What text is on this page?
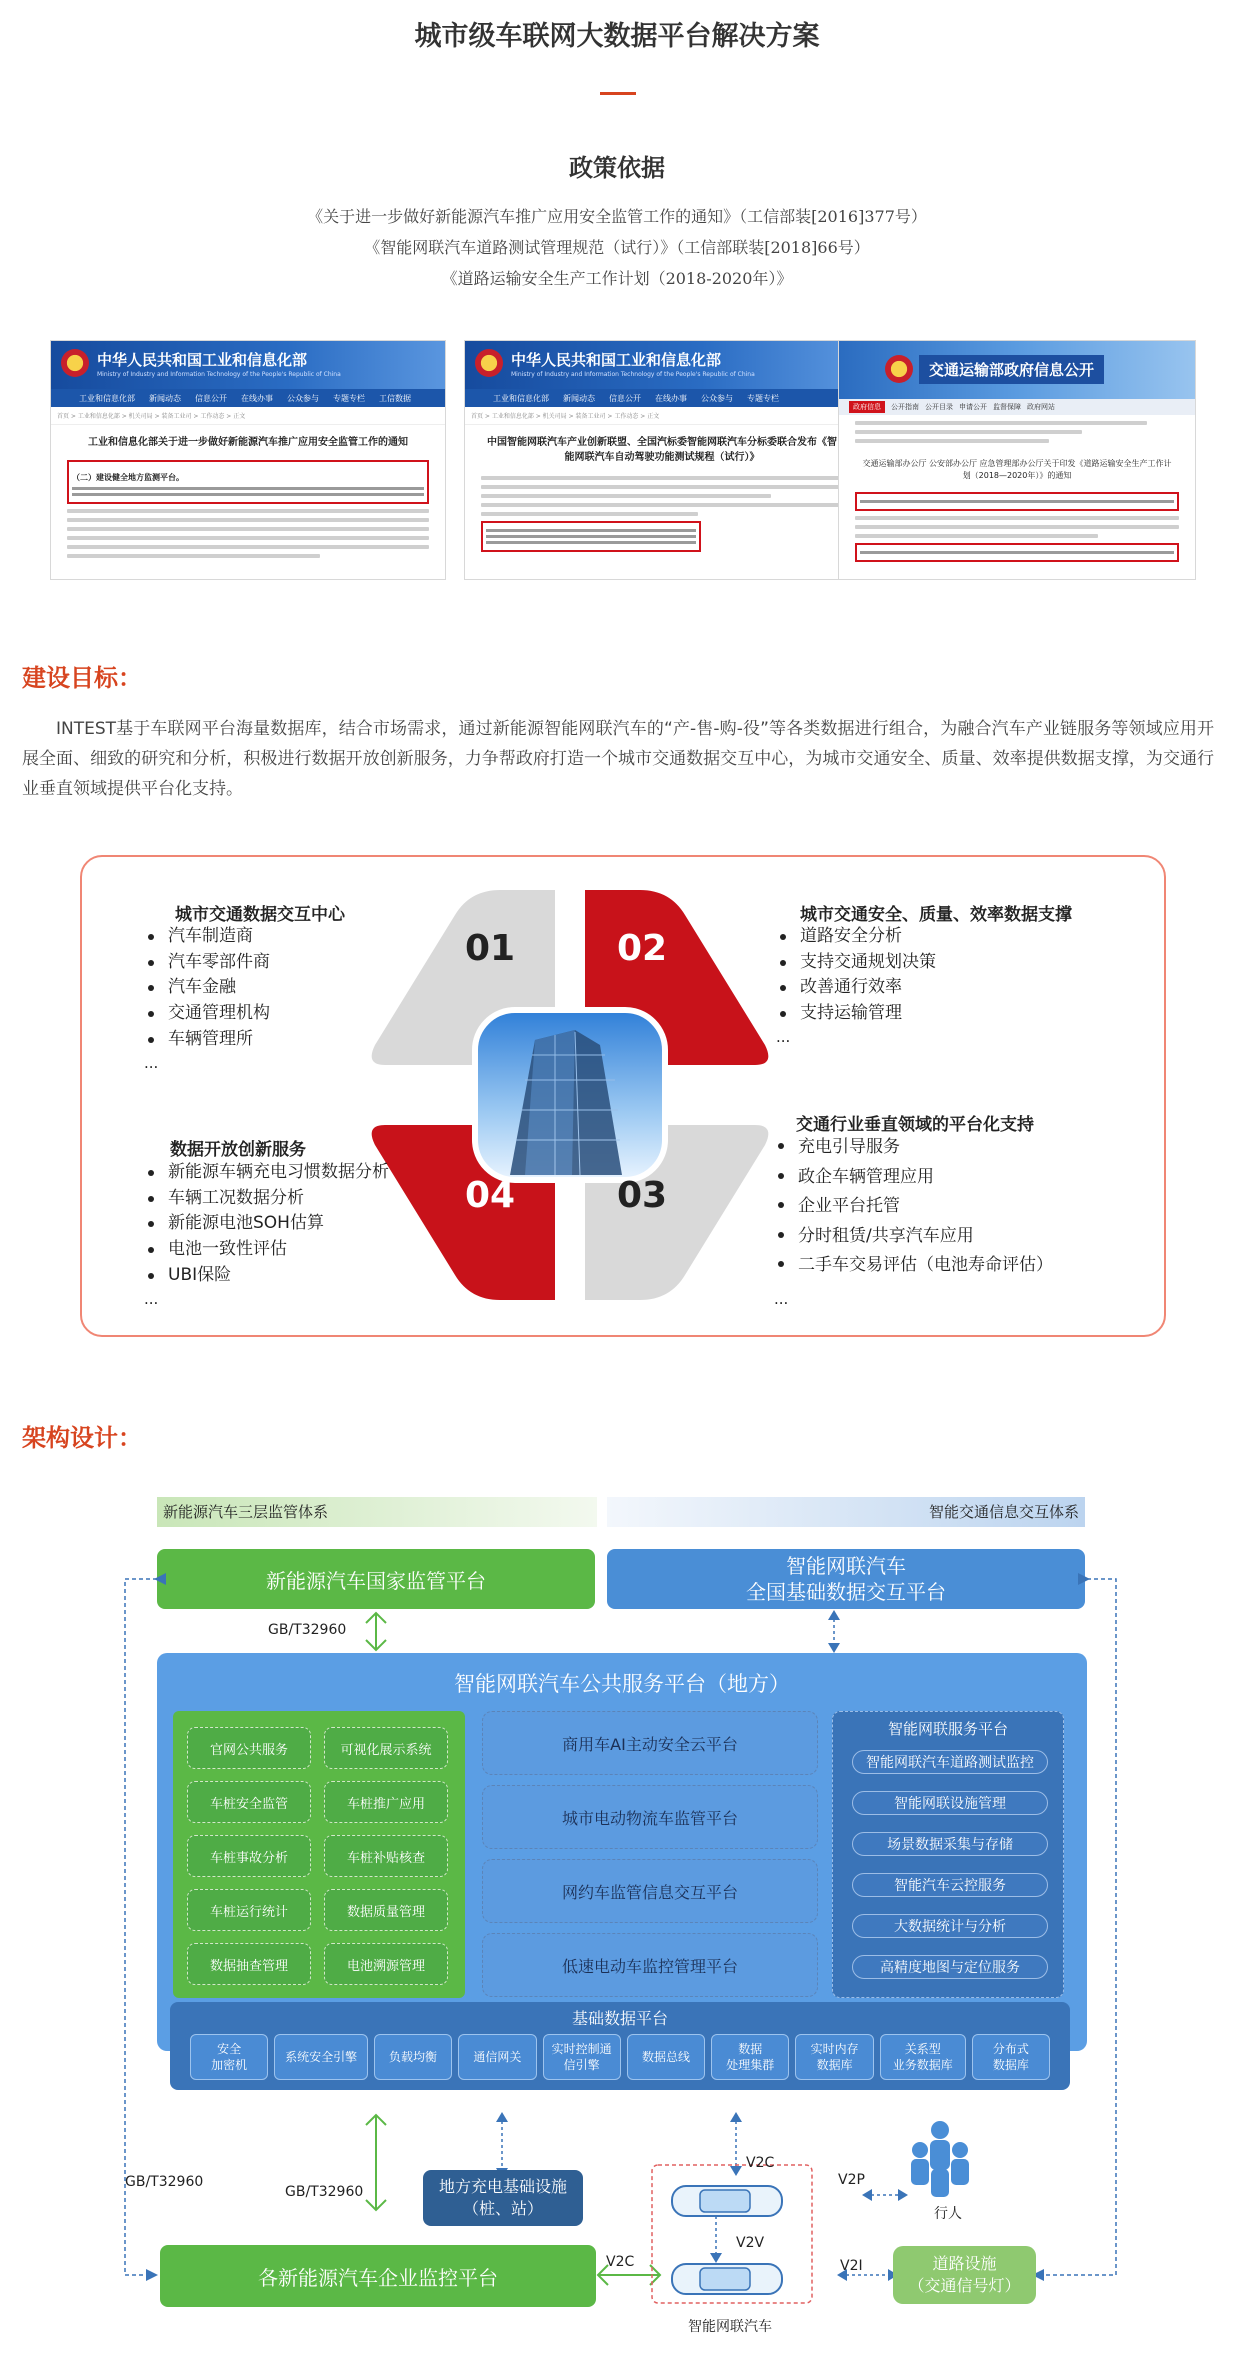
城市级车联网大数据平台解决方案
政策依据
《关于进一步做好新能源汽车推广应用安全监管工作的通知》（工信部装[2016]377号）
《智能网联汽车道路测试管理规范（试行）》（工信部联装[2018]66号）
《道路运输安全生产工作计划（2018-2020年）》
中华人民共和国工业和信息化部
Ministry of Industry and Information Technology of the People's Republic of China
工业和信息化部 新闻动态 信息公开 在线办事 公众参与 专题专栏 工信数据
首页 > 工业和信息化部 > 机关司局 > 装备工业司 > 工作动态 > 正文
工业和信息化部关于进一步做好新能源汽车推广应用安全监管工作的通知
（二）建设健全地方监测平台。
中华人民共和国工业和信息化部
Ministry of Industry and Information Technology of the People's Republic of China
工业和信息化部 新闻动态 信息公开 在线办事 公众参与 专题专栏
首页 > 工业和信息化部 > 机关司局 > 装备工业司 > 工作动态 > 正文
中国智能网联汽车产业创新联盟、全国汽标委智能网联汽车分标委联合发布《智能网联汽车自动驾驶功能测试规程（试行）》
交通运输部政府信息公开
政府信息	公开指南 公开目录 申请公开 监督保障 政府网站
交通运输部办公厅 公安部办公厅 应急管理部办公厅关于印发《道路运输安全生产工作计划（2018—2020年）》的通知
建设目标：
INTEST基于车联网平台海量数据库，结合市场需求，通过新能源智能网联汽车的“产-售-购-役”等各类数据进行组合，为融合汽车产业链服务等领域应用开展全面、细致的研究和分析，积极进行数据开放创新服务，力争帮政府打造一个城市交通数据交互中心，为城市交通安全、质量、效率提供数据支撑，为交通行业垂直领域提供平台化支持。
01	02
03
04
城市交通数据交互中心
汽车制造商
汽车零部件商
汽车金融
交通管理机构
车辆管理所
...
城市交通安全、质量、效率数据支撑
道路安全分析
支持交通规划决策
改善通行效率
支持运输管理
...
交通行业垂直领域的平台化支持
充电引导服务
政企车辆管理应用
企业平台托管
分时租赁/共享汽车应用
二手车交易评估（电池寿命评估）
...
数据开放创新服务
新能源车辆充电习惯数据分析
车辆工况数据分析
新能源电池SOH估算
电池一致性评估
UBI保险
...
架构设计：
新能源汽车三层监管体系	智能交通信息交互体系
新能源汽车国家监管平台
智能网联汽车
全国基础数据交互平台
GB/T32960
智能网联汽车公共服务平台（地方）
官网公共服务	可视化展示系统
车桩安全监管	车桩推广应用
车桩事故分析	车桩补贴核查
车桩运行统计	数据质量管理
数据抽查管理	电池溯源管理
商用车AI主动安全云平台
城市电动物流车监管平台
网约车监管信息交互平台
低速电动车监控管理平台
智能网联服务平台
智能网联汽车道路测试监控
智能网联设施管理
场景数据采集与存储
智能汽车云控服务
大数据统计与分析
高精度地图与定位服务
基础数据平台
安全
加密机
系统安全引擎	负载均衡	通信网关
实时控制通
信引擎
数据总线
数据
处理集群
实时内存
数据库
关系型
业务数据库
分布式
数据库
GB/T32960
GB/T32960	地方充电基础设施
（桩、站）
各新能源汽车企业监控平台
V2C
V2C
V2V
V2P
V2I
行人
道路设施
（交通信号灯）
智能网联汽车
